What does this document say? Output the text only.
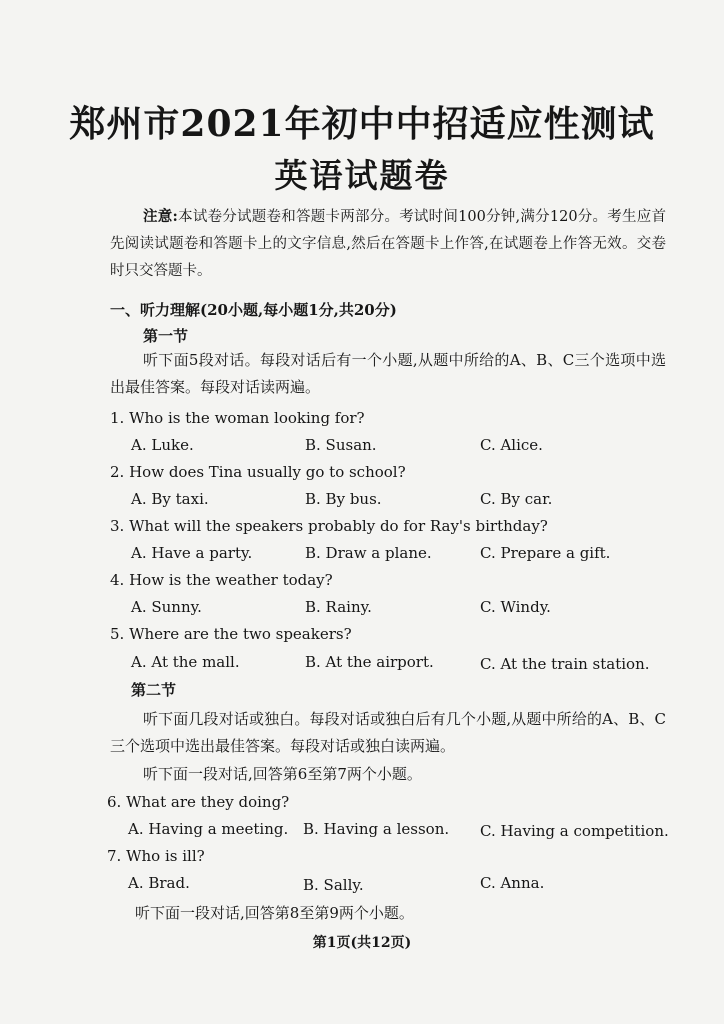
郑州市2021年初中中招适应性测试
英语试题卷

注意:本试卷分试题卷和答题卡两部分。考试时间100分钟,满分120分。考生应首先阅读试题卷和答题卡上的文字信息,然后在答题卡上作答,在试题卷上作答无效。交卷时只交答题卡。

一、听力理解(20小题,每小题1分,共20分)
第一节

听下面5段对话。每段对话后有一个小题,从题中所给的A、B、C三个选项中选出最佳答案。每段对话读两遍。

1. Who is the woman looking for?
A. Luke.	B. Susan.	C. Alice.
2. How does Tina usually go to school?
A. By taxi.	B. By bus.	C. By car.
3. What will the speakers probably do for Ray's birthday?
A. Have a party.	B. Draw a plane.	C. Prepare a gift.
4. How is the weather today?
A. Sunny.	B. Rainy.	C. Windy.
5. Where are the two speakers?
A. At the mall.	B. At the airport.	C. At the train station.
第二节

听下面几段对话或独白。每段对话或独白后有几个小题,从题中所给的A、B、C三个选项中选出最佳答案。每段对话或独白读两遍。

听下面一段对话,回答第6至第7两个小题。
6. What are they doing?
A. Having a meeting. B. Having a lesson. C. Having a competition.
7. Who is ill?
A. Brad.	B. Sally.	C. Anna.
听下面一段对话,回答第8至第9两个小题。
第1页(共12页)
